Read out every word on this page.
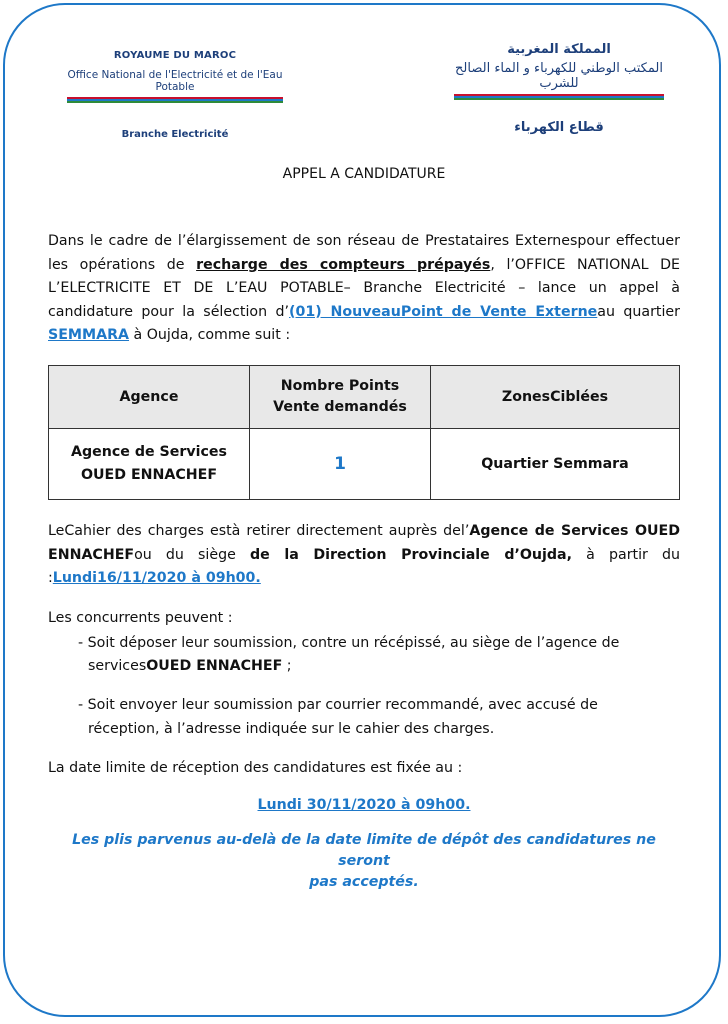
ROYAUME DU MAROC
Office National de l'Electricité et de l'Eau Potable
Branche Electricité
المملكة المغربية
المكتب الوطني للكهرباء و الماء الصالح للشرب
قطاع الكهرباء
APPEL A CANDIDATURE
Dans le cadre de l’élargissement de son réseau de Prestataires Externespour effectuer les opérations de recharge des compteurs prépayés, l’OFFICE NATIONAL DE L’ELECTRICITE ET DE L’EAU POTABLE– Branche Electricité – lance un appel à candidature pour la sélection d’(01) NouveauPoint de Vente Externeau quartier SEMMARA à Oujda, comme suit :
Agence	Nombre Points Vente demandés	ZonesCiblées
Agence de Services
OUED ENNACHEF	1	Quartier Semmara
LeCahier des charges està retirer directement auprès del’Agence de Services OUED ENNACHEFou du siège de la Direction Provinciale d’Oujda, à partir du :Lundi16/11/2020 à 09h00.
Les concurrents peuvent :
- Soit déposer leur soumission, contre un récépissé, au siège de l’agence de
servicesOUED ENNACHEF ;
- Soit envoyer leur soumission par courrier recommandé, avec accusé de
réception, à l’adresse indiquée sur le cahier des charges.
La date limite de réception des candidatures est fixée au :
Lundi 30/11/2020 à 09h00.
Les plis parvenus au-delà de la date limite de dépôt des candidatures ne seront
pas acceptés.
